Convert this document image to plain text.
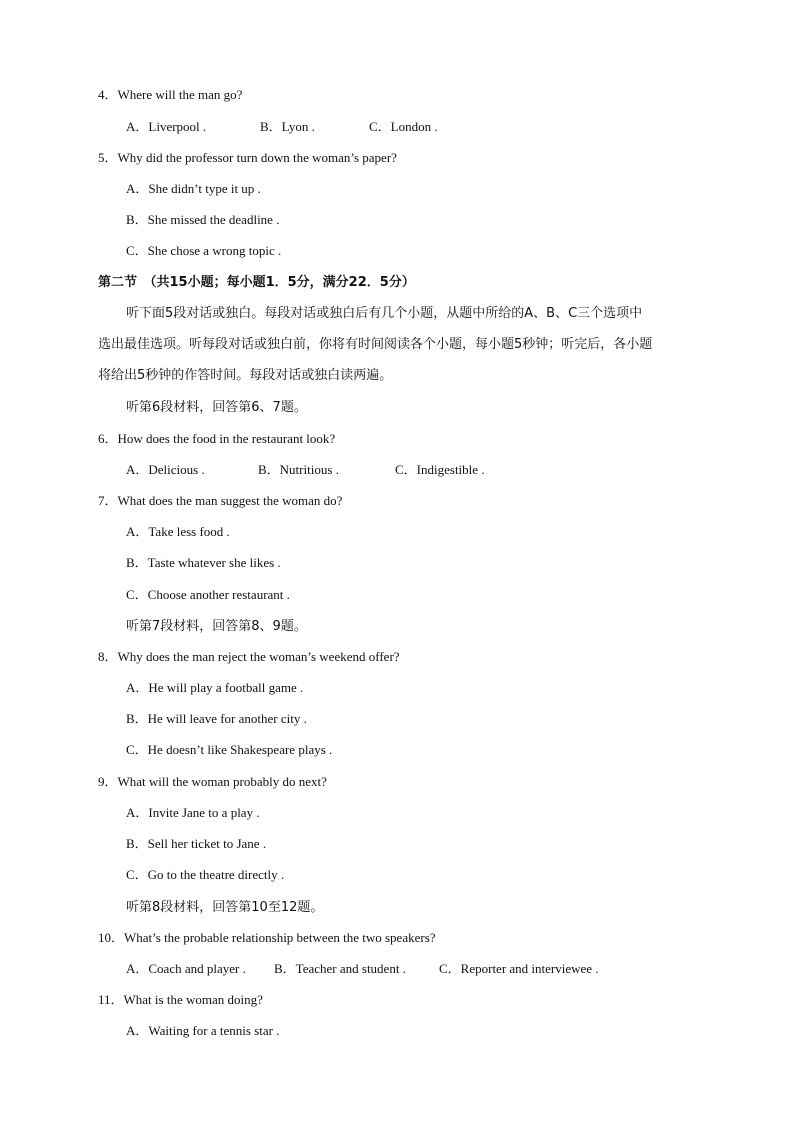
4．Where will the man go?
A．Liverpool .	B．Lyon .	C．London .
5．Why did the professor turn down the woman’s paper?
A．She didn’t type it up .
B．She missed the deadline .
C．She chose a wrong topic .
第二节　（共15小题；每小题1．5分，满分22．5分）
听下面5段对话或独白。每段对话或独白后有几个小题，从题中所给的A、B、C三个选项中
选出最佳选项。听每段对话或独白前，你将有时间阅读各个小题，每小题5秒钟；听完后，各小题
将给出5秒钟的作答时间。每段对话或独白读两遍。
听第6段材料，回答第6、7题。
6．How does the food in the restaurant look?
A．Delicious .	B．Nutritious .	C．Indigestible .
7．What does the man suggest the woman do?
A．Take less food .
B．Taste whatever she likes .
C．Choose another restaurant .
听第7段材料，回答第8、9题。
8．Why does the man reject the woman’s weekend offer?
A．He will play a football game .
B．He will leave for another city .
C．He doesn’t like Shakespeare plays .
9．What will the woman probably do next?
A．Invite Jane to a play .
B．Sell her ticket to Jane .
C．Go to the theatre directly .
听第8段材料，回答第10至12题。
10．What’s the probable relationship between the two speakers?
A．Coach and player . B．Teacher and student .	C．Reporter and interviewee .
11．What is the woman doing?
A．Waiting for a tennis star .
